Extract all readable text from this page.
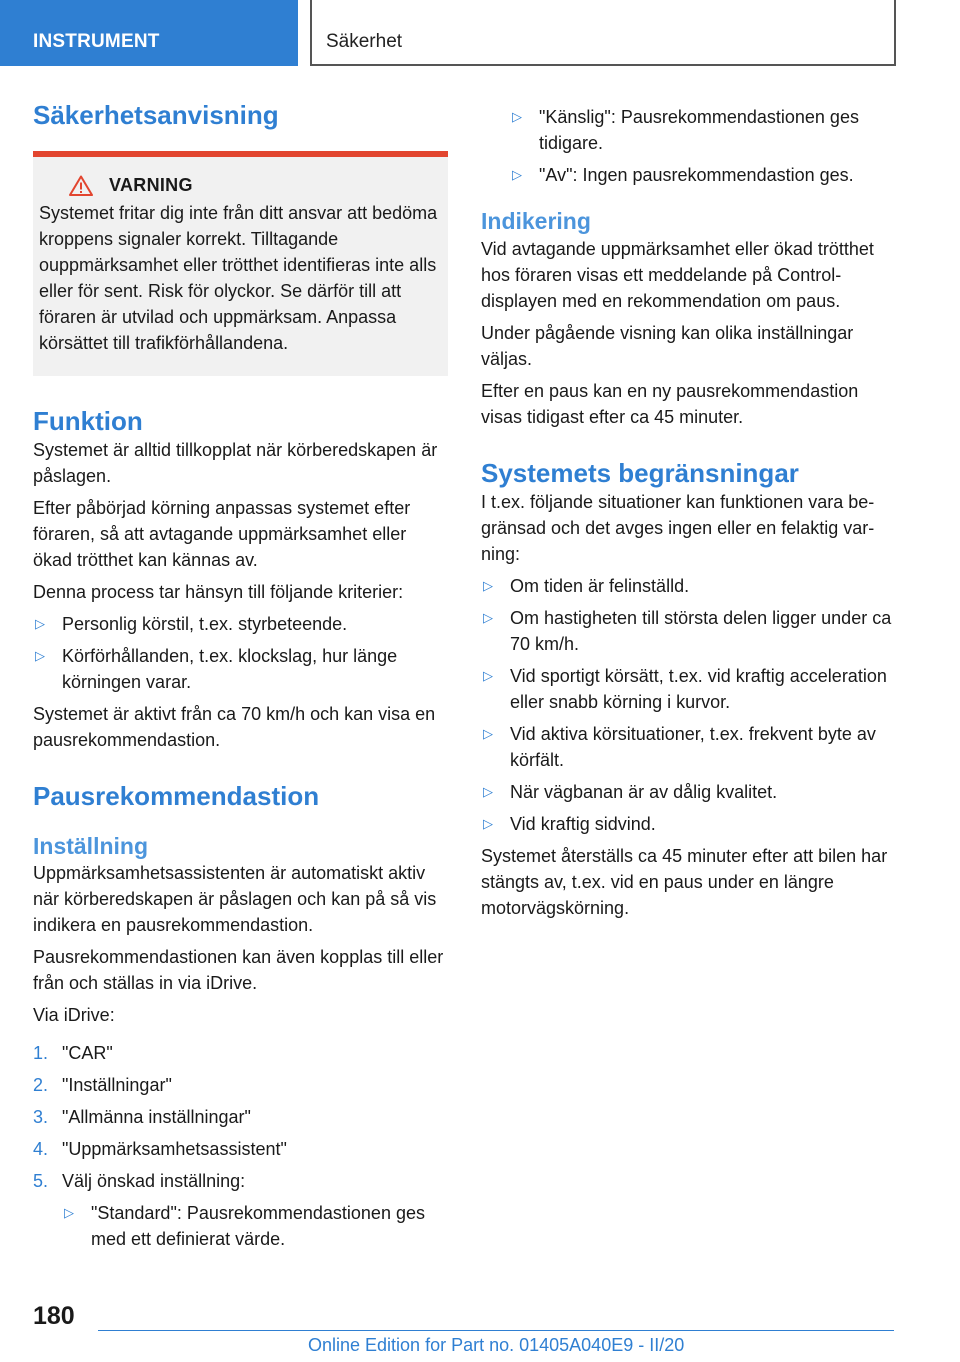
INSTRUMENT	Säkerhet
Säkerhetsanvisning
VARNING

Systemet fritar dig inte från ditt ansvar att bedöma kroppens signaler korrekt. Tilltagande ouppmärksamhet eller trötthet identifieras inte alls eller för sent. Risk för olyckor. Se därför till att föraren är utvilad och uppmärksam. Anpassa körsättet till trafikförhållandena.

Funktion

Systemet är alltid tillkopplat när körberedskapen är påslagen.

Efter påbörjad körning anpassas systemet efter föraren, så att avtagande uppmärksamhet eller ökad trötthet kan kännas av.

Denna process tar hänsyn till följande kriterier:

▷ Personlig körstil, t.ex. styrbeteende.
▷ Körförhållanden, t.ex. klockslag, hur länge körningen varar.

Systemet är aktivt från ca 70 km/h och kan visa en pausrekommendastion.

Pausrekommendastion
Inställning

Uppmärksamhetsassistenten är automatiskt aktiv när körberedskapen är påslagen och kan på så vis indikera en pausrekommendastion.

Pausrekommendastionen kan även kopplas till eller från och ställas in via iDrive.

Via iDrive:

1. "CAR"
2. "Inställningar"
3. "Allmänna inställningar"
4. "Uppmärksamhetsassistent"
5. Välj önskad inställning:
▷ "Standard": Pausrekommendastionen ges med ett definierat värde.
▷ "Känslig": Pausrekommendastionen ges tidigare.
▷ "Av": Ingen pausrekommendastion ges.
Indikering

Vid avtagande uppmärksamhet eller ökad trötthet hos föraren visas ett meddelande på Controldisplayen med en rekommendation om paus.

Under pågående visning kan olika inställningar väljas.

Efter en paus kan en ny pausrekommendastion visas tidigast efter ca 45 minuter.

Systemets begränsningar

I t.ex. följande situationer kan funktionen vara begränsad och det avges ingen eller en felaktig varning:

▷ Om tiden är felinställd.
▷ Om hastigheten till största delen ligger under ca 70 km/h.
▷ Vid sportigt körsätt, t.ex. vid kraftig acceleration eller snabb körning i kurvor.
▷ Vid aktiva körsituationer, t.ex. frekvent byte av körfält.
▷ När vägbanan är av dålig kvalitet.
▷ Vid kraftig sidvind.

Systemet återställs ca 45 minuter efter att bilen har stängts av, t.ex. vid en paus under en längre motorvägskörning.

180
Online Edition for Part no. 01405A040E9 - II/20
